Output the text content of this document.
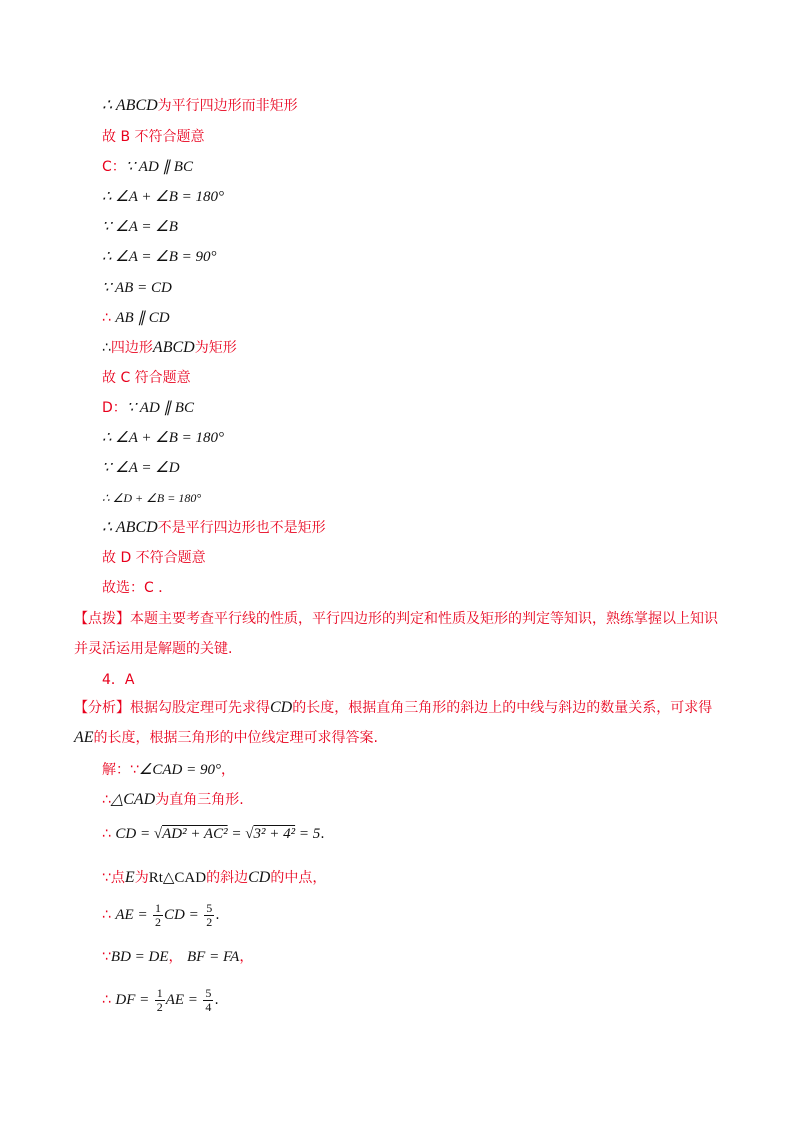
∴ ABCD为平行四边形而非矩形
故 B 不符合题意
C：∵ AD ∥ BC
∴ ∠A + ∠B = 180°
∵ ∠A = ∠B
∴ ∠A = ∠B = 90°
∵ AB = CD
∴ AB ∥ CD
∴四边形ABCD为矩形
故 C 符合题意
D：∵ AD ∥ BC
∴ ∠A + ∠B = 180°
∵ ∠A = ∠D
∴ ∠D + ∠B = 180°
∴ ABCD不是平行四边形也不是矩形
故 D 不符合题意
故选：C ．
【点拨】本题主要考查平行线的性质，平行四边形的判定和性质及矩形的判定等知识，熟练掌握以上知识并灵活运用是解题的关键.
4．A
【分析】根据勾股定理可先求得CD的长度，根据直角三角形的斜边上的中线与斜边的数量关系，可求得AE的长度，根据三角形的中位线定理可求得答案.
解：∵∠CAD = 90°，
∴△CAD为直角三角形.
∴ CD = √AD² + AC² = √3² + 4² = 5.
∵点E为Rt△CAD的斜边CD的中点，
∴ AE = $\frac{1}{2}$ CD = $\frac{5}{2}$ .
∵BD = DE， BF = FA，
∴ DF = $\frac{1}{2}$ AE = $\frac{5}{4}$ .
